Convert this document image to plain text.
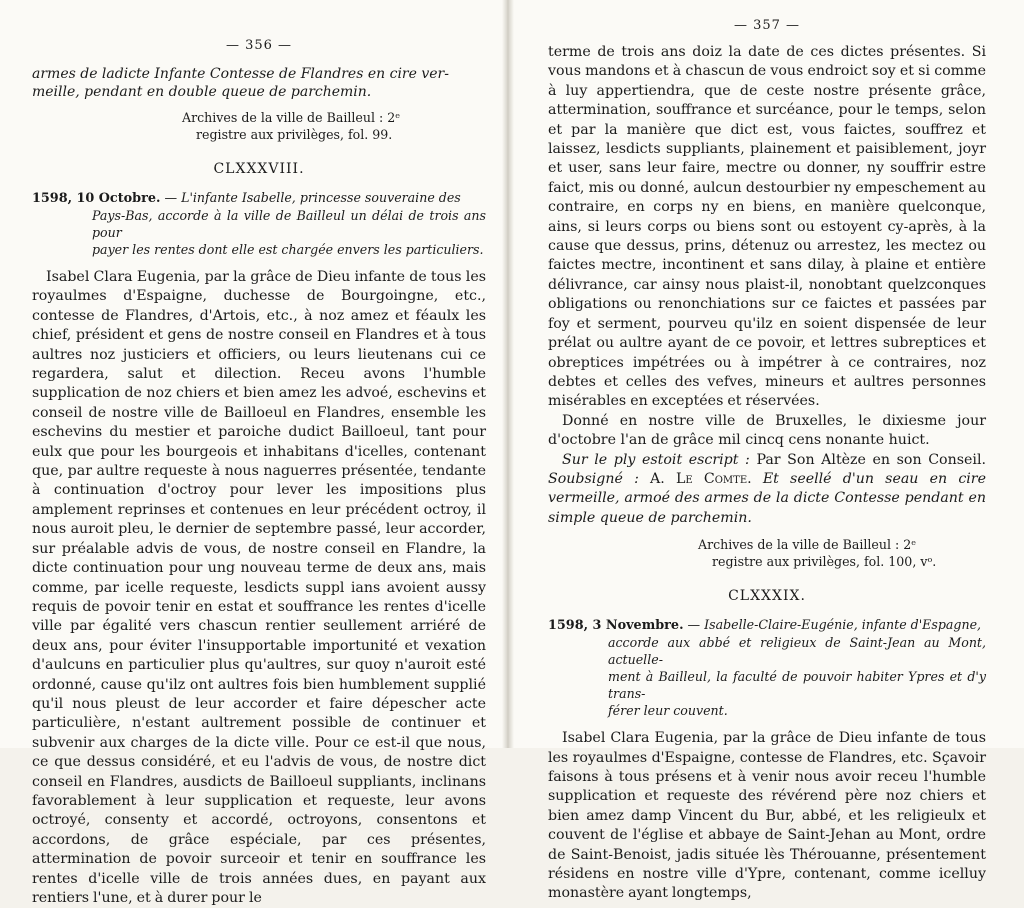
— 356 —

armes de ladicte Infante Contesse de Flandres en cire ver-

meille, pendant en double queue de parchemin.

Archives de la ville de Bailleul : 2ᵉ
registre aux privilèges, fol. 99.
CLXXXVIII.
1598, 10 Octobre. — L'infante Isabelle, princesse souveraine des
Pays-Bas, accorde à la ville de Bailleul un délai de trois ans pour
payer les rentes dont elle est chargée envers les particuliers.

Isabel Clara Eugenia, par la grâce de Dieu infante de tous les royaulmes d'Espaigne, duchesse de Bourgoingne, etc., contesse de Flandres, d'Artois, etc., à noz amez et féaulx les chief, président et gens de nostre conseil en Flandres et à tous aultres noz justiciers et officiers, ou leurs lieutenans cui ce regardera, salut et dilection. Receu avons l'humble supplication de noz chiers et bien amez les advoé, eschevins et conseil de nostre ville de Bailloeul en Flandres, ensemble les eschevins du mestier et paroiche dudict Bailloeul, tant pour eulx que pour les bourgeois et inhabitans d'icelles, contenant que, par aultre requeste à nous naguerres présentée, tendante à continuation d'octroy pour lever les impositions plus amplement reprinses et contenues en leur précédent octroy, il nous auroit pleu, le dernier de septembre passé, leur accorder, sur préalable advis de vous, de nostre conseil en Flandre, la dicte continuation pour ung nouveau terme de deux ans, mais comme, par icelle requeste, lesdicts suppl ians avoient aussy requis de povoir tenir en estat et souffrance les rentes d'icelle ville par égalité vers chascun rentier seullement arriéré de deux ans, pour éviter l'insupportable importunité et vexation d'aulcuns en particulier plus qu'aultres, sur quoy n'auroit esté ordonné, cause qu'ilz ont aultres fois bien humblement supplié qu'il nous pleust de leur accorder et faire dépescher acte particulière, n'estant aultrement possible de continuer et subvenir aux charges de la dicte ville. Pour ce est-il que nous, ce que dessus considéré, et eu l'advis de vous, de nostre dict conseil en Flandres, ausdicts de Bailloeul suppliants, inclinans favorablement à leur supplication et requeste, leur avons octroyé, consenty et accordé, octroyons, consentons et accordons, de grâce espéciale, par ces présentes, attermination de povoir surceoir et tenir en souffrance les rentes d'icelle ville de trois années dues, en payant aux rentiers l'une, et à durer pour le

— 357 —

terme de trois ans doiz la date de ces dictes présentes. Si vous mandons et à chascun de vous endroict soy et si comme à luy appertiendra, que de ceste nostre présente grâce, attermination, souffrance et surcéance, pour le temps, selon et par la manière que dict est, vous faictes, souffrez et laissez, lesdicts suppliants, plainement et paisiblement, joyr et user, sans leur faire, mectre ou donner, ny souffrir estre faict, mis ou donné, aulcun destourbier ny empeschement au contraire, en corps ny en biens, en manière quelconque, ains, si leurs corps ou biens sont ou estoyent cy-après, à la cause que dessus, prins, détenuz ou arrestez, les mectez ou faictes mectre, incontinent et sans dilay, à plaine et entière délivrance, car ainsy nous plaist-il, nonobtant quelzconques obligations ou renonchiations sur ce faictes et passées par foy et serment, pourveu qu'ilz en soient dispensée de leur prélat ou aultre ayant de ce povoir, et lettres subreptices et obreptices impétrées ou à impétrer à ce contraires, noz debtes et celles des vefves, mineurs et aultres personnes misérables en exceptées et réservées.

Donné en nostre ville de Bruxelles, le dixiesme jour d'octobre l'an de grâce mil cincq cens nonante huict.

Sur le ply estoit escript : Par Son Altèze en son Conseil. Soubsigné : A. Le Comte. Et seellé d'un seau en cire vermeille, armoé des armes de la dicte Contesse pendant en simple queue de parchemin.

Archives de la ville de Bailleul : 2ᵉ
registre aux privilèges, fol. 100, vᵒ.
CLXXXIX.
1598, 3 Novembre. — Isabelle-Claire-Eugénie, infante d'Espagne,
accorde aux abbé et religieux de Saint-Jean au Mont, actuelle-
ment à Bailleul, la faculté de pouvoir habiter Ypres et d'y trans-
férer leur couvent.

Isabel Clara Eugenia, par la grâce de Dieu infante de tous les royaulmes d'Espaigne, contesse de Flandres, etc. Sçavoir faisons à tous présens et à venir nous avoir receu l'humble supplication et requeste des révérend père noz chiers et bien amez damp Vincent du Bur, abbé, et les religieulx et couvent de l'église et abbaye de Saint-Jehan au Mont, ordre de Saint-Benoist, jadis située lès Thérouanne, présentement résidens en nostre ville d'Ypre, contenant, comme icelluy monastère ayant longtemps,
